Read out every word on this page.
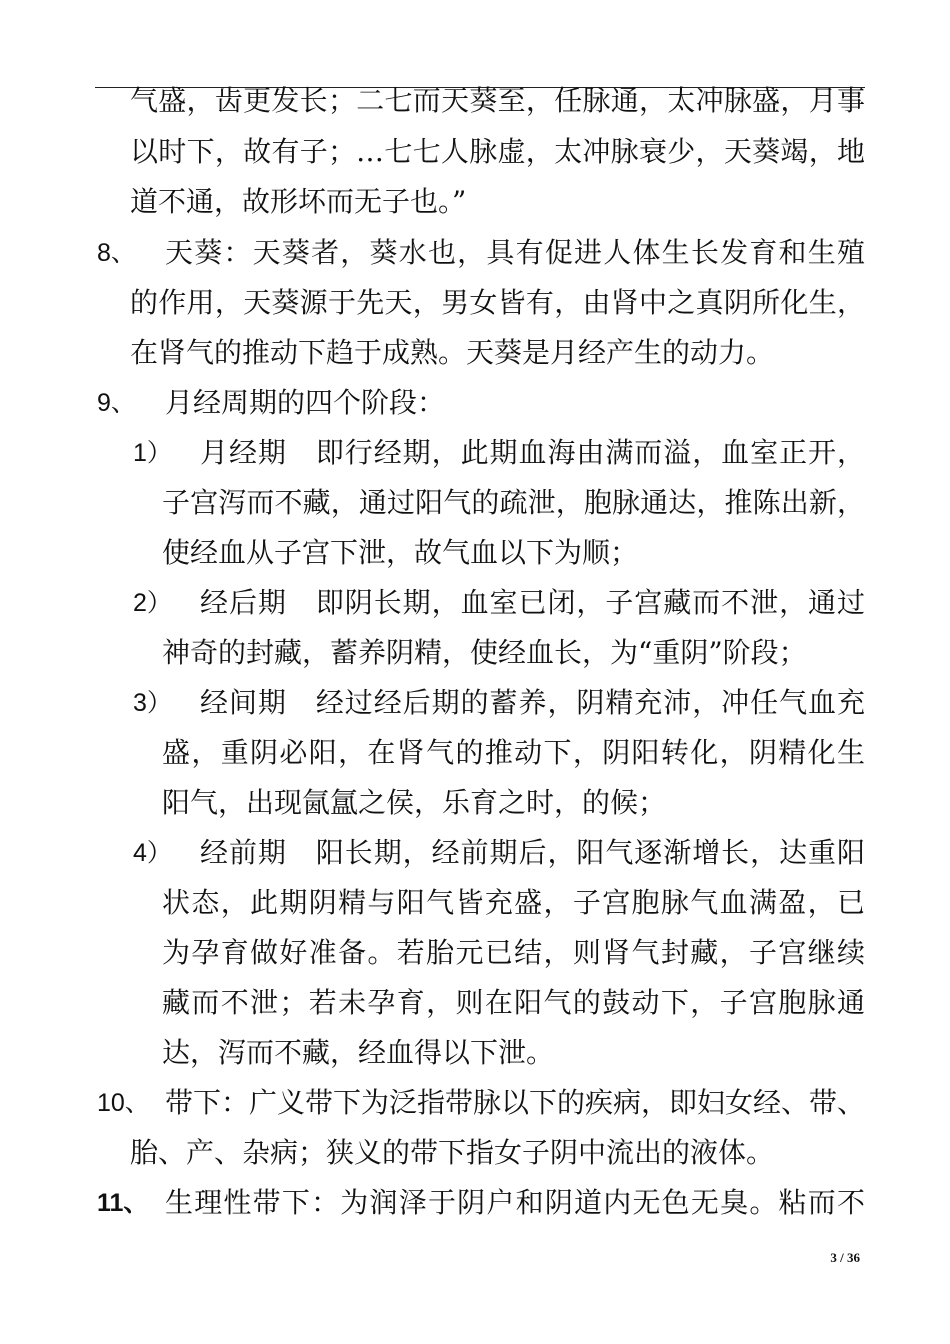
气盛，齿更发长；二七而天葵至，任脉通，太冲脉盛，月事
以时下，故有子；…七七人脉虚，太冲脉衰少，天葵竭，地
道不通，故形坏而无子也。”
8、 天葵：天葵者，葵水也，具有促进人体生长发育和生殖
的作用，天葵源于先天，男女皆有，由肾中之真阴所化生，
在肾气的推动下趋于成熟。天葵是月经产生的动力。
9、 月经周期的四个阶段：
1） 月经期　即行经期，此期血海由满而溢，血室正开，
子宫泻而不藏，通过阳气的疏泄，胞脉通达，推陈出新，
使经血从子宫下泄，故气血以下为顺；
2） 经后期　即阴长期，血室已闭，子宫藏而不泄，通过
神奇的封藏，蓄养阴精，使经血长，为“重阴”阶段；
3） 经间期　经过经后期的蓄养，阴精充沛，冲任气血充
盛，重阴必阳，在肾气的推动下，阴阳转化，阴精化生
阳气，出现氤氲之侯，乐育之时，的候；
4） 经前期　阳长期，经前期后，阳气逐渐增长，达重阳
状态，此期阴精与阳气皆充盛，子宫胞脉气血满盈，已
为孕育做好准备。若胎元已结，则肾气封藏，子宫继续
藏而不泄；若未孕育，则在阳气的鼓动下，子宫胞脉通
达，泻而不藏，经血得以下泄。
10、 带下：广义带下为泛指带脉以下的疾病，即妇女经、带、
胎、产、杂病；狭义的带下指女子阴中流出的液体。
11、 生理性带下：为润泽于阴户和阴道内无色无臭。粘而不
3 / 36
